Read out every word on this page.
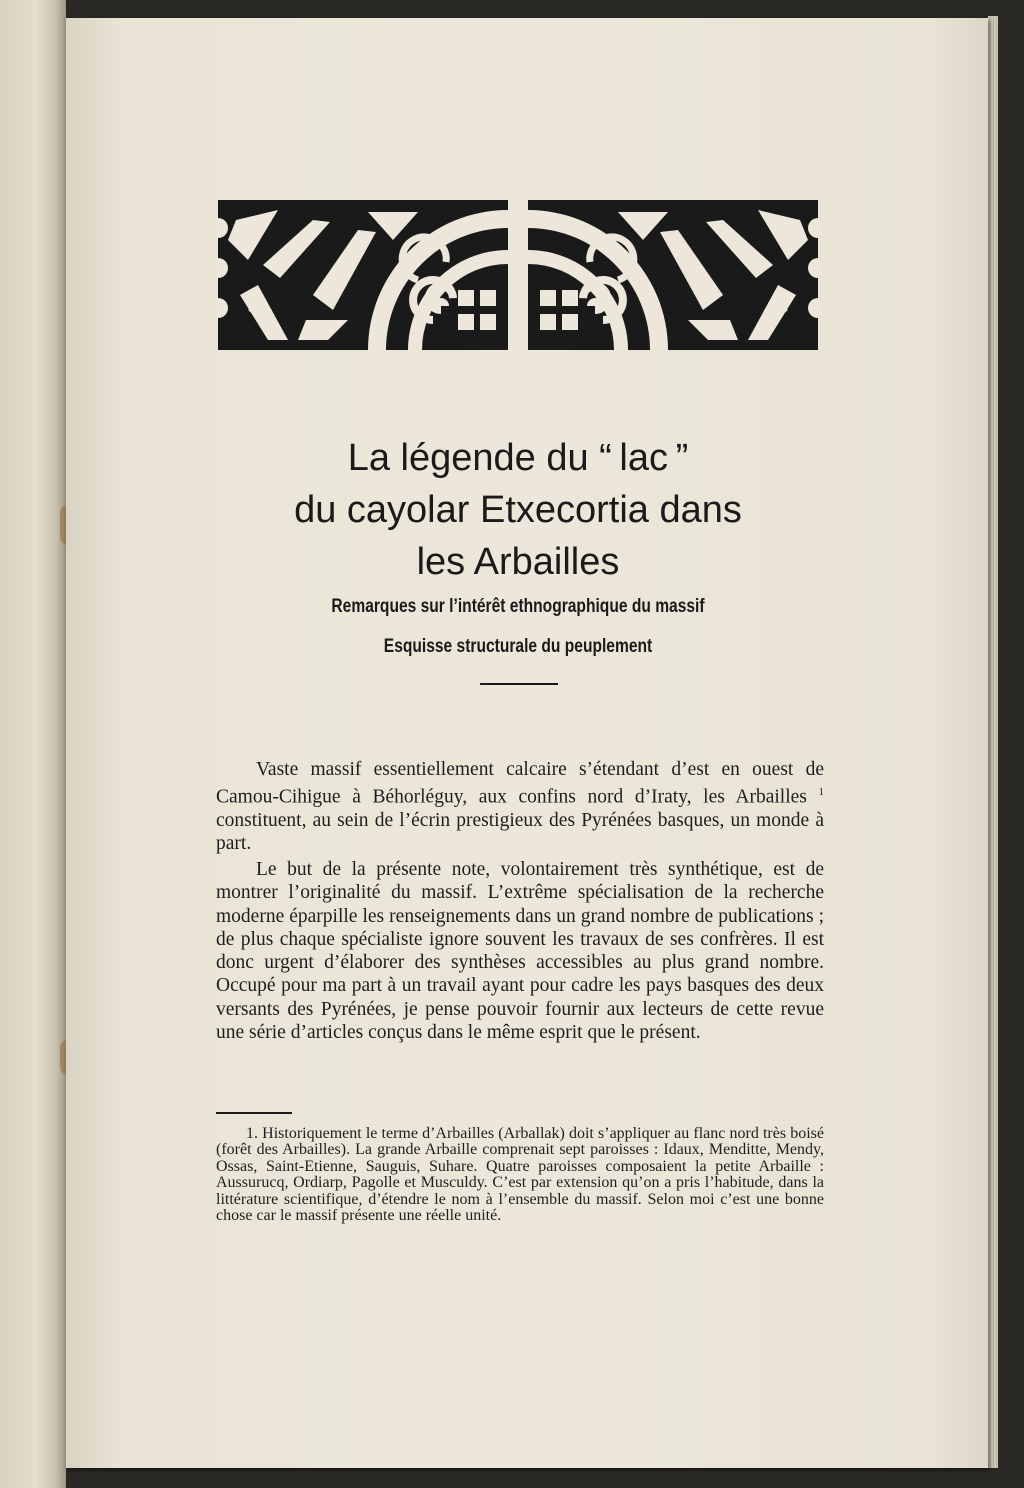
La légende du “ lac ”
du cayolar Etxecortia dans
les Arbailles
Remarques sur l’intérêt ethnographique du massif
Esquisse structurale du peuplement

Vaste massif essentiellement calcaire s’étendant d’est en ouest de Camou-Cihigue à Béhorléguy, aux confins nord d’Iraty, les Arbailles $^1$ constituent, au sein de l’écrin prestigieux des Pyrénées basques, un monde à part.

Le but de la présente note, volontairement très synthétique, est de montrer l’originalité du massif. L’extrême spécialisation de la recherche moderne éparpille les renseignements dans un grand nombre de publications ; de plus chaque spécialiste ignore souvent les travaux de ses confrères. Il est donc urgent d’élaborer des synthèses accessibles au plus grand nombre. Occupé pour ma part à un travail ayant pour cadre les pays basques des deux versants des Pyrénées, je pense pouvoir fournir aux lecteurs de cette revue une série d’articles conçus dans le même esprit que le présent.

1. Historiquement le terme d’Arbailles (Arballak) doit s’appliquer au flanc nord très boisé (forêt des Arbailles). La grande Arbaille comprenait sept paroisses : Idaux, Menditte, Mendy, Ossas, Saint-Etienne, Sauguis, Suhare. Quatre paroisses composaient la petite Arbaille : Aussurucq, Ordiarp, Pagolle et Musculdy. C’est par extension qu’on a pris l’habitude, dans la littérature scientifique, d’étendre le nom à l’ensemble du massif. Selon moi c’est une bonne chose car le massif présente une réelle unité.
